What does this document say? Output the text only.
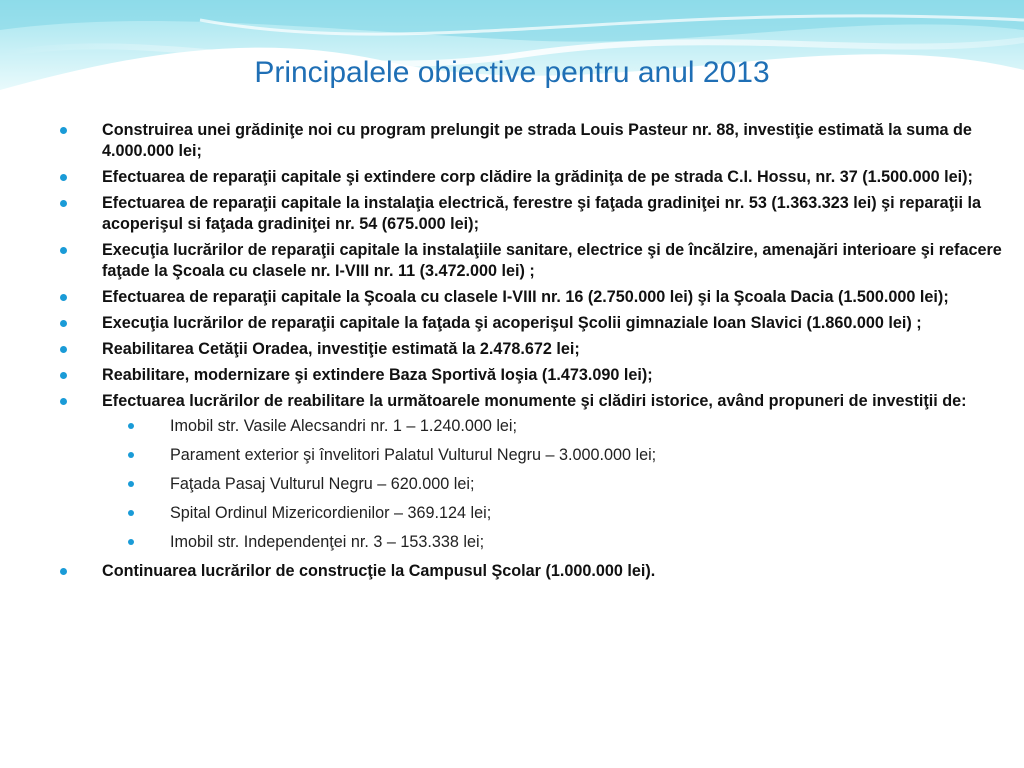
Principalele obiective pentru anul 2013
Construirea unei grădiniţe noi cu program prelungit pe strada Louis Pasteur nr. 88, investiţie estimată la suma de 4.000.000 lei;
Efectuarea de reparaţii capitale şi extindere corp clădire la grădiniţa de pe strada C.I. Hossu, nr. 37 (1.500.000 lei);
Efectuarea de reparaţii capitale la instalaţia electrică, ferestre şi faţada gradiniţei nr. 53 (1.363.323 lei) şi reparaţii la acoperişul si faţada gradiniţei nr. 54 (675.000 lei);
Execuţia lucrărilor de reparaţii capitale la instalaţiile sanitare, electrice şi de încălzire, amenajări interioare şi refacere faţade la Şcoala cu clasele nr. I-VIII nr. 11 (3.472.000 lei) ;
Efectuarea de reparaţii capitale la Şcoala cu clasele I-VIII nr. 16 (2.750.000 lei) şi la Şcoala Dacia (1.500.000 lei);
Execuţia lucrărilor de reparaţii capitale la faţada şi acoperişul Şcolii gimnaziale Ioan Slavici (1.860.000 lei) ;
Reabilitarea Cetăţii Oradea, investiţie estimată la 2.478.672 lei;
Reabilitare, modernizare şi extindere Baza Sportivă Ioşia (1.473.090 lei);
Efectuarea lucrărilor de reabilitare la următoarele monumente şi clădiri istorice, având propuneri de investiţii de:
Imobil str. Vasile Alecsandri nr. 1 – 1.240.000 lei;
Parament exterior şi învelitori Palatul Vulturul Negru – 3.000.000 lei;
Faţada Pasaj Vulturul Negru – 620.000 lei;
Spital Ordinul Mizericordienilor – 369.124 lei;
Imobil str. Independenţei nr. 3 – 153.338 lei;
Continuarea lucrărilor de construcţie la Campusul Şcolar (1.000.000 lei).
